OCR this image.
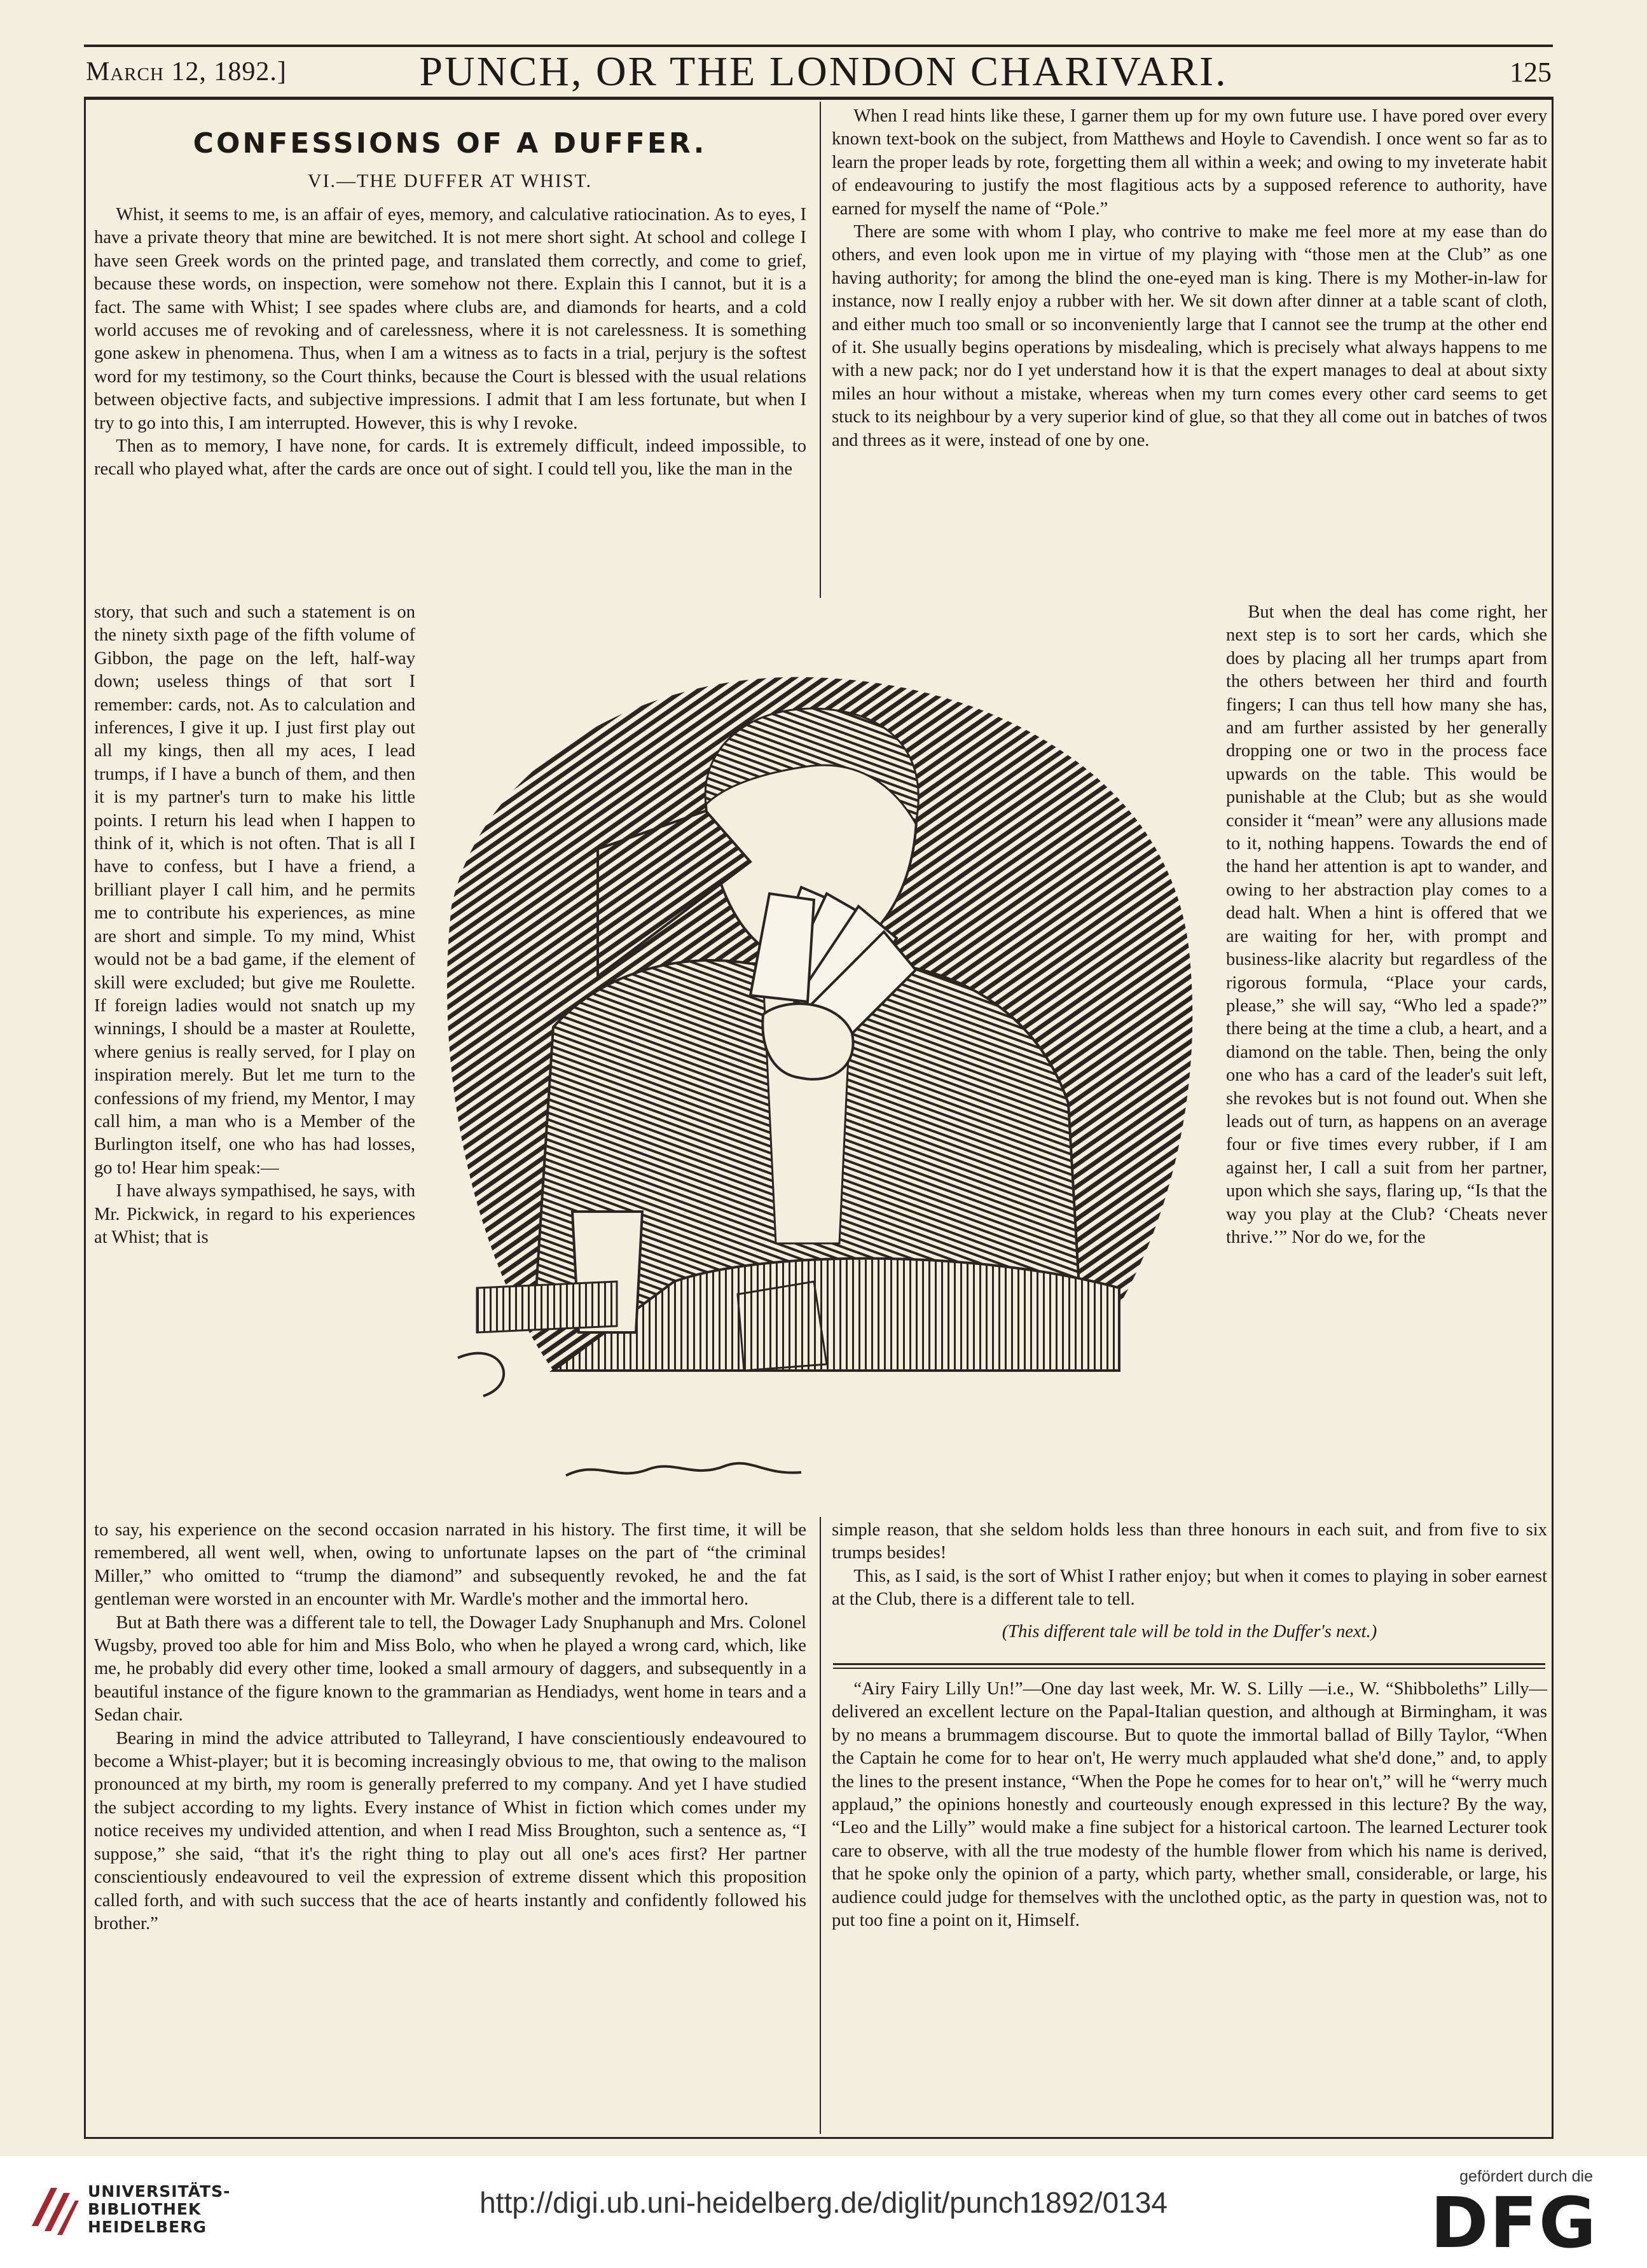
March 12, 1892.]	PUNCH, OR THE LONDON CHARIVARI.	125
CONFESSIONS OF A DUFFER.
VI.—THE DUFFER AT WHIST.

Whist, it seems to me, is an affair of eyes, memory, and calculative ratiocination. As to eyes, I have a private theory that mine are bewitched. It is not mere short sight. At school and college I have seen Greek words on the printed page, and translated them correctly, and come to grief, because these words, on inspection, were somehow not there. Explain this I cannot, but it is a fact. The same with Whist; I see spades where clubs are, and diamonds for hearts, and a cold world accuses me of revoking and of carelessness, where it is not carelessness. It is something gone askew in phenomena. Thus, when I am a witness as to facts in a trial, perjury is the softest word for my testimony, so the Court thinks, because the Court is blessed with the usual relations between objective facts, and subjective impressions. I admit that I am less fortunate, but when I try to go into this, I am interrupted. However, this is why I revoke.

Then as to memory, I have none, for cards. It is extremely difficult, indeed impossible, to recall who played what, after the cards are once out of sight. I could tell you, like the man in the

story, that such and such a statement is on the ninety sixth page of the fifth volume of Gibbon, the page on the left, half-way down; useless things of that sort I remember: cards, not. As to calculation and inferences, I give it up. I just first play out all my kings, then all my aces, I lead trumps, if I have a bunch of them, and then it is my partner's turn to make his little points. I return his lead when I happen to think of it, which is not often. That is all I have to confess, but I have a friend, a brilliant player I call him, and he permits me to contribute his experiences, as mine are short and simple. To my mind, Whist would not be a bad game, if the element of skill were excluded; but give me Roulette. If foreign ladies would not snatch up my winnings, I should be a master at Roulette, where genius is really served, for I play on inspiration merely. But let me turn to the confessions of my friend, my Mentor, I may call him, a man who is a Member of the Burlington itself, one who has had losses, go to! Hear him speak:—

I have always sympathised, he says, with Mr. Pickwick, in regard to his experiences at Whist; that is

When I read hints like these, I garner them up for my own future use. I have pored over every known text-book on the subject, from Matthews and Hoyle to Cavendish. I once went so far as to learn the proper leads by rote, forgetting them all within a week; and owing to my inveterate habit of endeavouring to justify the most flagitious acts by a supposed reference to authority, have earned for myself the name of “Pole.”

There are some with whom I play, who contrive to make me feel more at my ease than do others, and even look upon me in virtue of my playing with “those men at the Club” as one having authority; for among the blind the one-eyed man is king. There is my Mother-in-law for instance, now I really enjoy a rubber with her. We sit down after dinner at a table scant of cloth, and either much too small or so inconveniently large that I cannot see the trump at the other end of it. She usually begins operations by misdealing, which is precisely what always happens to me with a new pack; nor do I yet understand how it is that the expert manages to deal at about sixty miles an hour without a mistake, whereas when my turn comes every other card seems to get stuck to its neighbour by a very superior kind of glue, so that they all come out in batches of twos and threes as it were, instead of one by one.

But when the deal has come right, her next step is to sort her cards, which she does by placing all her trumps apart from the others between her third and fourth fingers; I can thus tell how many she has, and am further assisted by her generally dropping one or two in the process face upwards on the table. This would be punishable at the Club; but as she would consider it “mean” were any allusions made to it, nothing happens. Towards the end of the hand her attention is apt to wander, and owing to her abstraction play comes to a dead halt. When a hint is offered that we are waiting for her, with prompt and business-like alacrity but regardless of the rigorous formula, “Place your cards, please,” she will say, “Who led a spade?” there being at the time a club, a heart, and a diamond on the table. Then, being the only one who has a card of the leader's suit left, she revokes but is not found out. When she leads out of turn, as happens on an average four or five times every rubber, if I am against her, I call a suit from her partner, upon which she says, flaring up, “Is that the way you play at the Club? ‘Cheats never thrive.’” Nor do we, for the

to say, his experience on the second occasion narrated in his history. The first time, it will be remembered, all went well, when, owing to unfortunate lapses on the part of “the criminal Miller,” who omitted to “trump the diamond” and subsequently revoked, he and the fat gentleman were worsted in an encounter with Mr. Wardle's mother and the immortal hero.

But at Bath there was a different tale to tell, the Dowager Lady Snuphanuph and Mrs. Colonel Wugsby, proved too able for him and Miss Bolo, who when he played a wrong card, which, like me, he probably did every other time, looked a small armoury of daggers, and subsequently in a beautiful instance of the figure known to the grammarian as Hendiadys, went home in tears and a Sedan chair.

Bearing in mind the advice attributed to Talleyrand, I have conscientiously endeavoured to become a Whist-player; but it is becoming increasingly obvious to me, that owing to the malison pronounced at my birth, my room is generally preferred to my company. And yet I have studied the subject according to my lights. Every instance of Whist in fiction which comes under my notice receives my undivided attention, and when I read Miss Broughton, such a sentence as, “I suppose,” she said, “that it's the right thing to play out all one's aces first? Her partner conscientiously endeavoured to veil the expression of extreme dissent which this proposition called forth, and with such success that the ace of hearts instantly and confidently followed his brother.”

simple reason, that she seldom holds less than three honours in each suit, and from five to six trumps besides!

This, as I said, is the sort of Whist I rather enjoy; but when it comes to playing in sober earnest at the Club, there is a different tale to tell.

(This different tale will be told in the Duffer's next.)

“Airy Fairy Lilly Un!”—One day last week, Mr. W. S. Lilly —i.e., W. “Shibboleths” Lilly—delivered an excellent lecture on the Papal-Italian question, and although at Birmingham, it was by no means a brummagem discourse. But to quote the immortal ballad of Billy Taylor, “When the Captain he come for to hear on't, He werry much applauded what she'd done,” and, to apply the lines to the present instance, “When the Pope he comes for to hear on't,” will he “werry much applaud,” the opinions honestly and courteously enough expressed in this lecture? By the way, “Leo and the Lilly” would make a fine subject for a historical cartoon. The learned Lecturer took care to observe, with all the true modesty of the humble flower from which his name is derived, that he spoke only the opinion of a party, which party, whether small, considerable, or large, his audience could judge for themselves with the unclothed optic, as the party in question was, not to put too fine a point on it, Himself.

UNIVERSITÄTS-
BIBLIOTHEK
HEIDELBERG
http://digi.ub.uni-heidelberg.de/diglit/punch1892/0134
gefördert durch die
DFG
